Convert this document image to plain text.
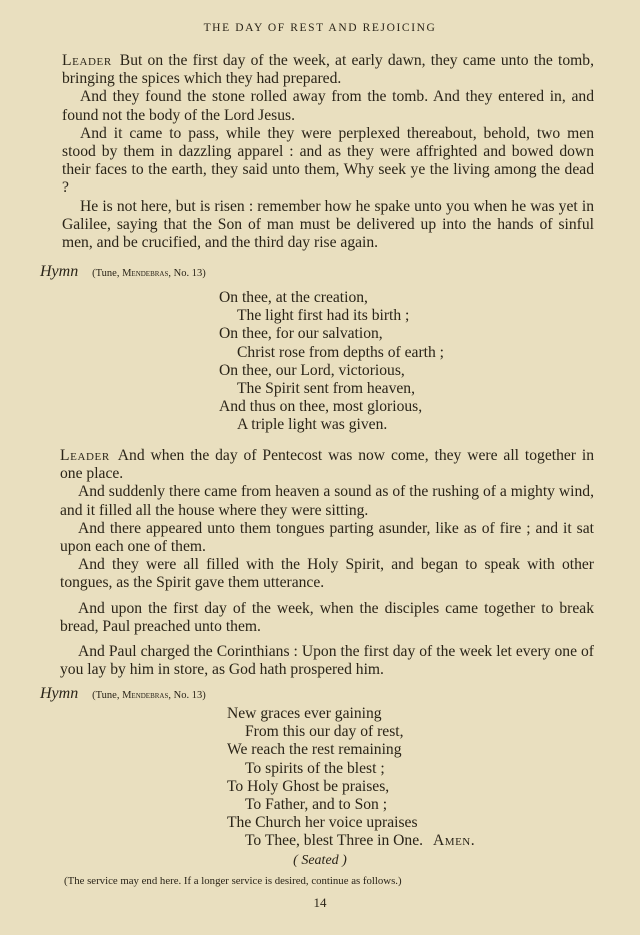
THE DAY OF REST AND REJOICING

Leader But on the first day of the week, at early dawn, they came unto the tomb, bringing the spices which they had prepared.

And they found the stone rolled away from the tomb. And they entered in, and found not the body of the Lord Jesus.

And it came to pass, while they were perplexed thereabout, behold, two men stood by them in dazzling apparel : and as they were affrighted and bowed down their faces to the earth, they said unto them, Why seek ye the living among the dead ?

He is not here, but is risen : remember how he spake unto you when he was yet in Galilee, saying that the Son of man must be delivered up into the hands of sinful men, and be crucified, and the third day rise again.

Hymn (Tune, Mendebras, No. 13)
On thee, at the creation,
The light first had its birth ;
On thee, for our salvation,
Christ rose from depths of earth ;
On thee, our Lord, victorious,
The Spirit sent from heaven,
And thus on thee, most glorious,
A triple light was given.

Leader And when the day of Pentecost was now come, they were all together in one place.

And suddenly there came from heaven a sound as of the rushing of a mighty wind, and it filled all the house where they were sitting.

And there appeared unto them tongues parting asunder, like as of fire ; and it sat upon each one of them.

And they were all filled with the Holy Spirit, and began to speak with other tongues, as the Spirit gave them utterance.

And upon the first day of the week, when the disciples came together to break bread, Paul preached unto them.

And Paul charged the Corinthians : Upon the first day of the week let every one of you lay by him in store, as God hath prospered him.

Hymn (Tune, Mendebras, No. 13)
New graces ever gaining
From this our day of rest,
We reach the rest remaining
To spirits of the blest ;
To Holy Ghost be praises,
To Father, and to Son ;
The Church her voice upraises
To Thee, blest Three in One. Amen.
( Seated )
(The service may end here. If a longer service is desired, continue as follows.)
14
